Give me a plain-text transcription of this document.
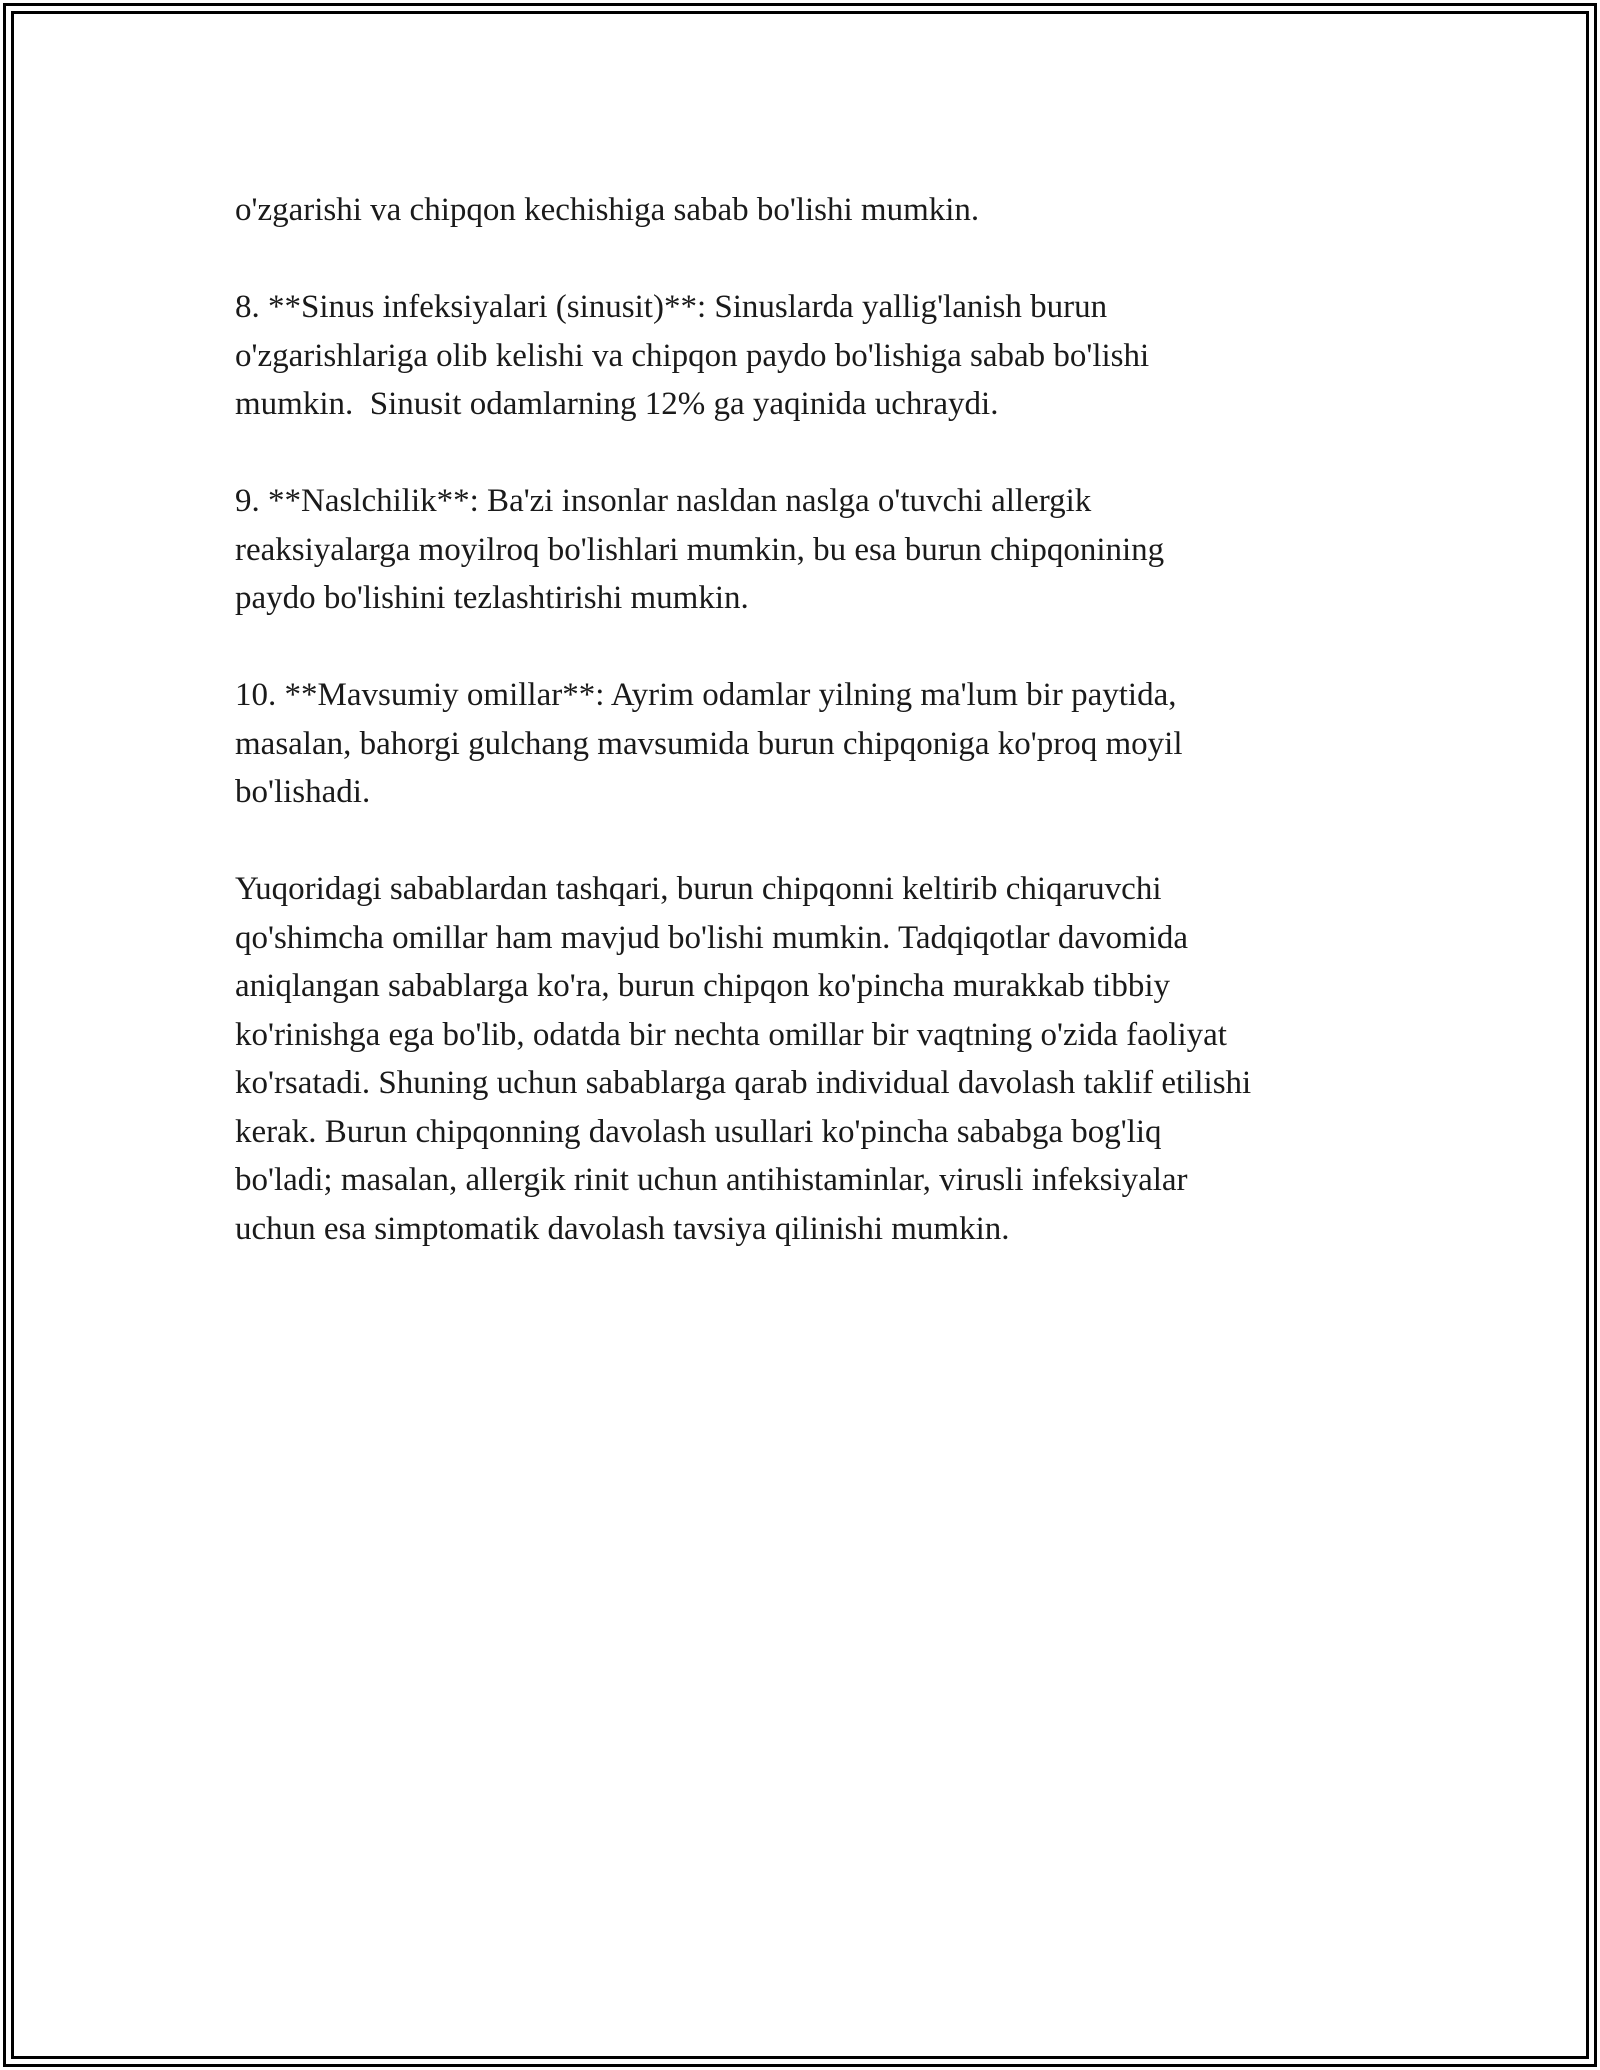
o'zgarishi va chipqon kechishiga sabab bo'lishi mumkin.

8. **Sinus infeksiyalari (sinusit)**: Sinuslarda yallig'lanish burun
o'zgarishlariga olib kelishi va chipqon paydo bo'lishiga sabab bo'lishi
mumkin.  Sinusit odamlarning 12% ga yaqinida uchraydi.

9. **Naslchilik**: Ba'zi insonlar nasldan naslga o'tuvchi allergik
reaksiyalarga moyilroq bo'lishlari mumkin, bu esa burun chipqonining
paydo bo'lishini tezlashtirishi mumkin.

10. **Mavsumiy omillar**: Ayrim odamlar yilning ma'lum bir paytida,
masalan, bahorgi gulchang mavsumida burun chipqoniga ko'proq moyil
bo'lishadi.

Yuqoridagi sabablardan tashqari, burun chipqonni keltirib chiqaruvchi
qo'shimcha omillar ham mavjud bo'lishi mumkin. Tadqiqotlar davomida
aniqlangan sabablarga ko'ra, burun chipqon ko'pincha murakkab tibbiy
ko'rinishga ega bo'lib, odatda bir nechta omillar bir vaqtning o'zida faoliyat
ko'rsatadi. Shuning uchun sabablarga qarab individual davolash taklif etilishi
kerak. Burun chipqonning davolash usullari ko'pincha sababga bog'liq
bo'ladi; masalan, allergik rinit uchun antihistaminlar, virusli infeksiyalar
uchun esa simptomatik davolash tavsiya qilinishi mumkin.
